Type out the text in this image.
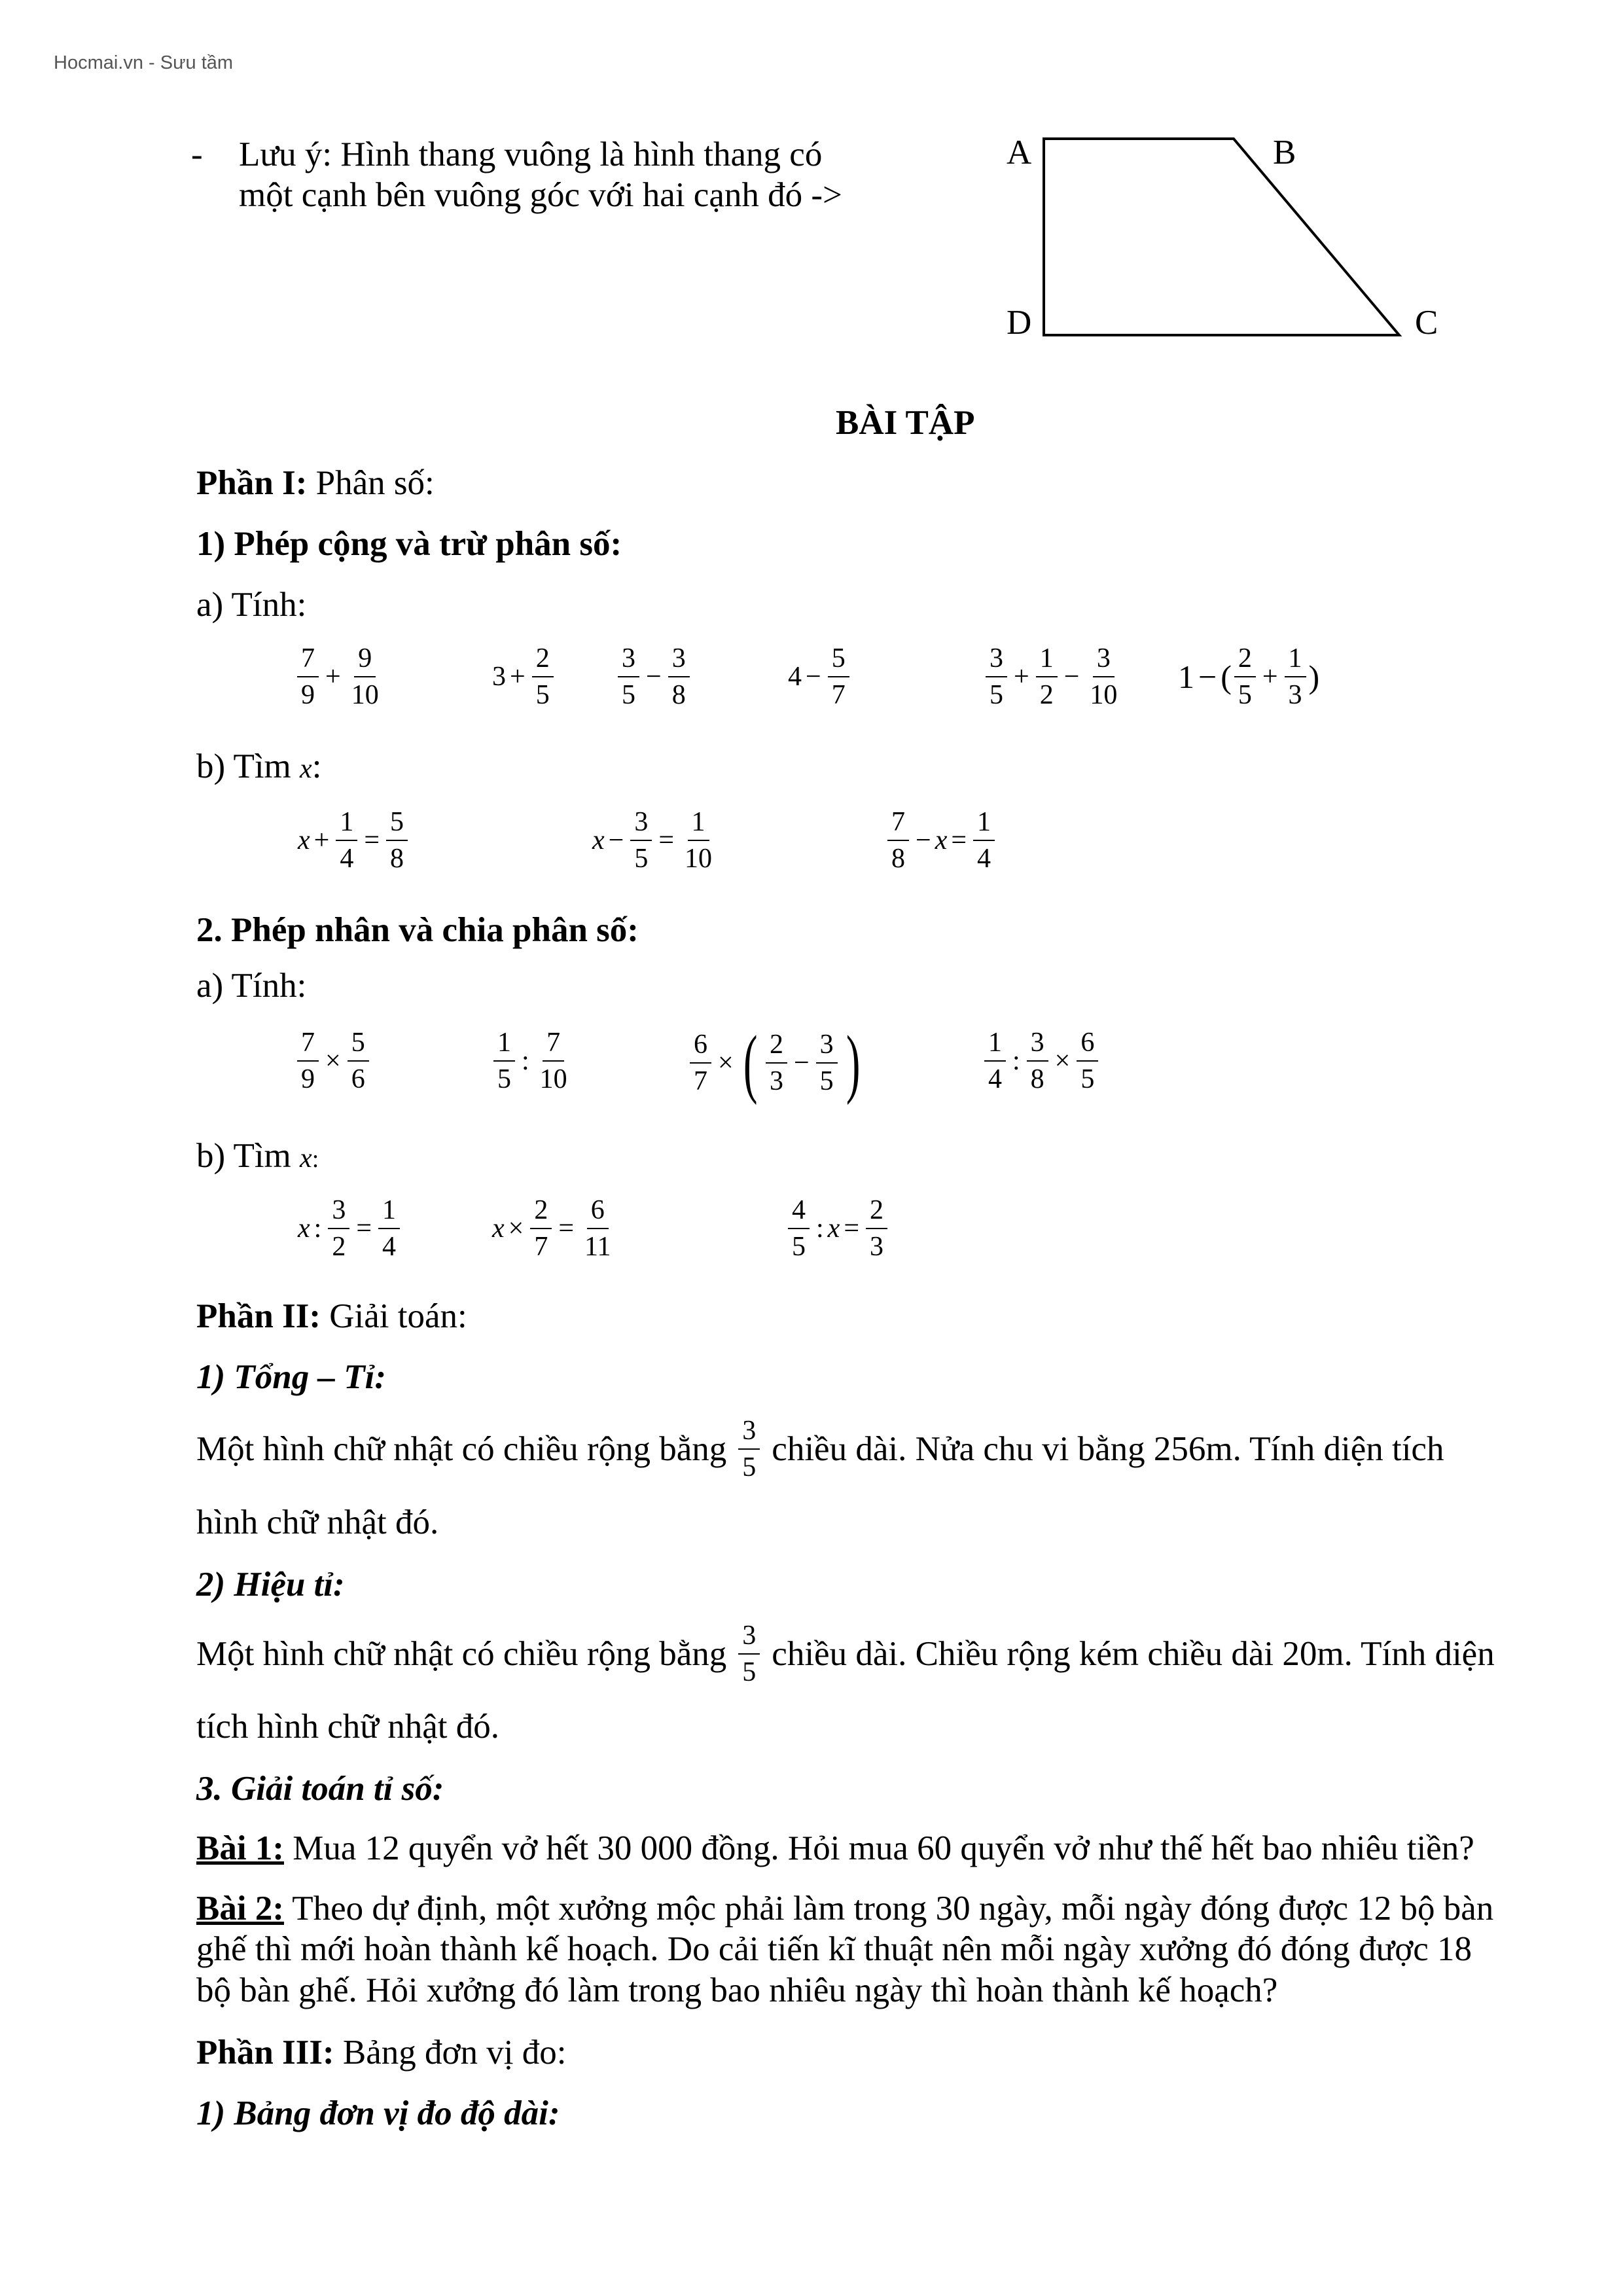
Hocmai.vn - Sưu tầm
- Lưu ý: Hình thang vuông là hình thang có
một cạnh bên vuông góc với hai cạnh đó ->
A	B
D	C
BÀI TẬP
Phần I: Phân số:
1) Phép cộng và trừ phân số:
a) Tính:
$\frac{7}{9} + \frac{9}{10}$	$3 + \frac{2}{5} \frac{3}{5} - \frac{3}{8}$	$4 - \frac{5}{7}$	$\frac{3}{5} + \frac{1}{2} - \frac{3}{10} 1$ − ( $\frac{2}{5} + \frac{1}{3}$ )
b) Tìm x:
$x + \frac{1}{4} = \frac{5}{8}$	$x - \frac{3}{5} = \frac{1}{10}$	$\frac{7}{8} - x = \frac{1}{4}$
2. Phép nhân và chia phân số:
a) Tính:
$\frac{7}{9} \times \frac{5}{6}$	$\frac{1}{5}$ : $\frac{7}{10}$	$\frac{6}{7}$ × ( $\frac{2}{3} - \frac{3}{5}$ )	$\frac{1}{4}$ : $\frac{3}{8} \times \frac{6}{5}$
b) Tìm x:
x : $\frac{3}{2} = \frac{1}{4}$	$x \times \frac{2}{7} = \frac{6}{11}$	$\frac{4}{5}$ : $x = \frac{2}{3}$
Phần II: Giải toán:
1) Tổng – Tỉ:
Một hình chữ nhật có chiều rộng bằng $\frac{3}{5}$ chiều dài. Nửa chu vi bằng 256m. Tính diện tích
hình chữ nhật đó.
2) Hiệu tỉ:
Một hình chữ nhật có chiều rộng bằng $\frac{3}{5}$ chiều dài. Chiều rộng kém chiều dài 20m. Tính diện
tích hình chữ nhật đó.
3. Giải toán tỉ số:
Bài 1: Mua 12 quyển vở hết 30 000 đồng. Hỏi mua 60 quyển vở như thế hết bao nhiêu tiền?
Bài 2: Theo dự định, một xưởng mộc phải làm trong 30 ngày, mỗi ngày đóng được 12 bộ bàn
ghế thì mới hoàn thành kế hoạch. Do cải tiến kĩ thuật nên mỗi ngày xưởng đó đóng được 18
bộ bàn ghế. Hỏi xưởng đó làm trong bao nhiêu ngày thì hoàn thành kế hoạch?
Phần III: Bảng đơn vị đo:
1) Bảng đơn vị đo độ dài:
